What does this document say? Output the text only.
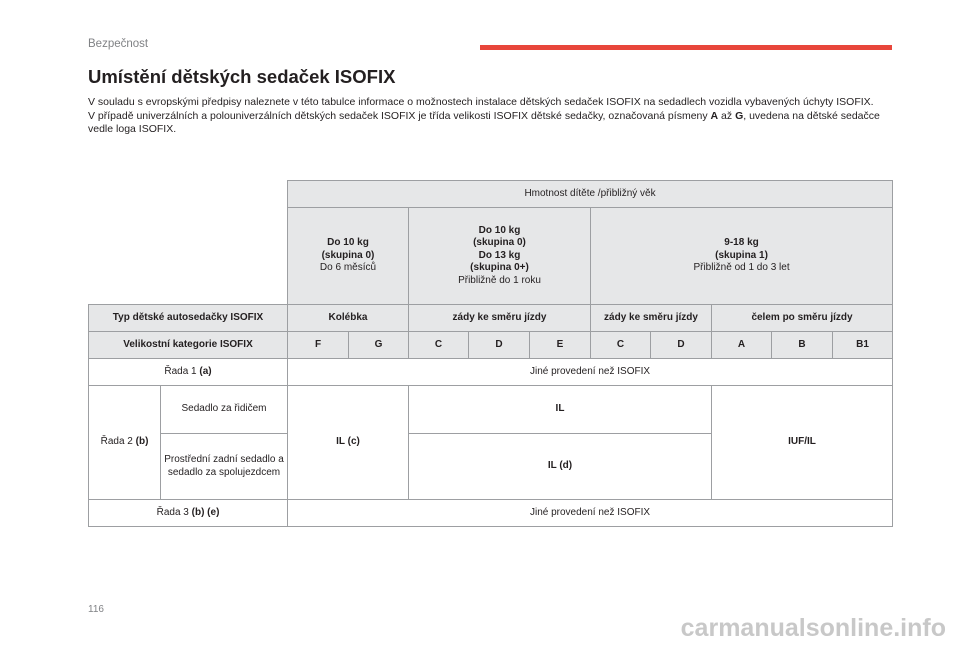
Bezpečnost
Umístění dětských sedaček ISOFIX

V souladu s evropskými předpisy naleznete v této tabulce informace o možnostech instalace dětských sedaček ISOFIX na sedadlech vozidla vybavených úchyty ISOFIX.

V případě univerzálních a polouniverzálních dětských sedaček ISOFIX je třída velikosti ISOFIX dětské sedačky, označovaná písmeny A až G, uvedena na dětské sedačce vedle loga ISOFIX.

		Hmotnost dítěte /přibližný věk									
		Do 10 kg
(skupina 0)
Do 6 měsíců		Do 10 kg
(skupina 0)
Do 13 kg
(skupina 0+)
Přibližně do 1 roku			9-18 kg
(skupina 1)
Přibližně od 1 do 3 let				
Typ dětské autosedačky ISOFIX		Kolébka		zády ke směru jízdy			zády ke směru jízdy		čelem po směru jízdy		
Velikostní kategorie ISOFIX		F	G	C	D	E	C	D	A	B	B1
Řada 1 (a)		Jiné provedení než ISOFIX									
Řada 2 (b)	Sedadlo za řidičem	IL (c)		IL					IUF/IL		
	Prostřední zadní sedadlo a sedadlo za spolujezdcem			IL (d)							
Řada 3 (b) (e)		Jiné provedení než ISOFIX									
116
carmanualsonline.info
